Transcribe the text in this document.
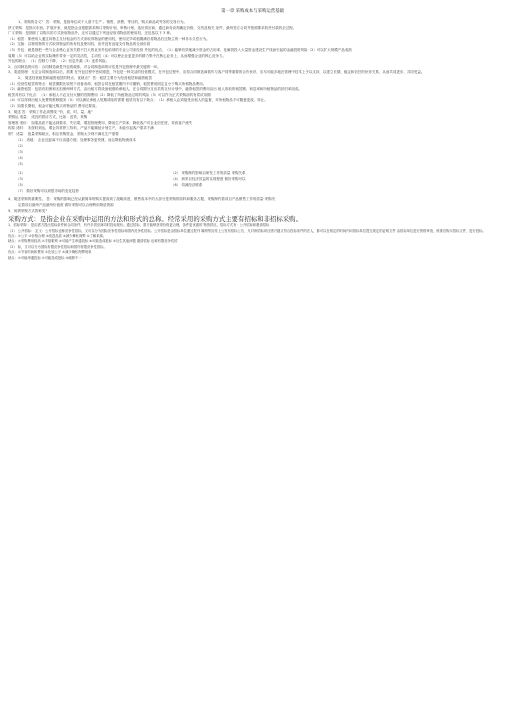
第一章 采购成本与采购运营基础
1、采购的含义？ 答：采购，是指单位或个人基于生产 、销售、消费、等目的，购买商品或劳务的交易行为。
狭义采购：是指买东西。扩展开来，就是指企业根据需求制订采购计划，审核计划，选好供应商，通过商务谈判确定价格，交货及相关 条件，最终签订合同并按照要求收货付款的全过程。
广义采购：是指除了以购买的方式获取物品外，还可以通过下列途径取得物品的使用权，还包括以下 3 种。
（1）租赁：即使用人通过向物主支付租金的方式来取得物品的使用权，使用完毕或租期满后将物品归还物主的一种非永久性行为。
（2）交换：以物易物的方式取得物品的所有权及使用权，但并没有直接支付物品的全部价款
（3）外包：就是指把一些与企业核心业务关联不打大的业务外包给别的专业公司来经营 外包的优点，（1）能够有效地减少资金的占用率，化解因投入大量资金建设生产线而引起的金融投资风险（2）可以扩大规模产品成熟
周期（3）可以给企业的实际操作带来一定的灵活性，主动性（4）可以使企业更更多的精力集中在核心业务上，从而增强企业的核心竞争力。
外包的缺点：（1）控制力下降，（2）信息外漏（3）连带风险。
2、合同制造的评估：合同制造商是外包的载体，对合同制造商的评估是外包管理中最关键的一环。
3、渠道管理：无定合同制造商以后，需要 在外包过程中密切跟进，外包是一种灵活的经营模式，在外包过程中，应将合同制造商看作与客户同等重要的合作伙伴，应尽可能多地在管理中技术上予以支持，以建立长期、稳定和信任的伙伴关系，从而共同进步、共同受益。
2、 简述经营租赁和融资租赁的特点、优缺点？ 答：租赁主要分为经营租赁和融资租赁
（1）经营性租赁的特点：租赁期限比较短于设备寿命，租赁合同在租赁期内不可撤销，租赁费用固定且小于购买所相物品费用。
（2）融资租赁：包括有担保和无担保两种方式，由出租方将设备租借给承租人，在合同期分支出类的支付计划中，融资租赁的费用由出 租人收取的租赁额，和息率和所租物品的折旧率组成。
租赁具有以下优点：（1）承租人不必支付大额的首期费用（2）降低了所租物品过时的风险（3）可以作为正式采购前的有偿试用期
（4）可以得到出租人免费的维修服务（5）可以满足承租人短期或临时需要 租赁具有以下缺点：（1）承租人必须接受出租人的监督，对所租物品不可随意更改、转让。
（2）如果长期租，租金可能比购买该物品的 费用还要高。
3、简述 答：采购工作必须围绕 "价，质，时，量，地"
采购运 适量： 适宜的供应方式，比如：送货、采购
管理准 适价： 如果品质不能达到要求，失后果，增加管理费用，降低生产效率，降低客户对企业信任度，导致客户流失
的原 适时： 未按时到达，增企异常停工待料，产品不能顺延计划生产，未能引起客户需求不满
则？ 适量： 批量采购缺点，积压采购资金，采购太少则不满足生产需要
（1） 适地： 企业近距离不仅沟通方便，处理事务更快捷，而且降低物流成本
（2）
（3）
（4）
（5）
（1）	（2） 采购制约影响目研发工作的质量 采购关系
（3）	（4） 到采目经济效益的实现程度 做好采购可以
（5）	（6） 均减经济联系
（7） 做好采购可以到很市场的变化趋势
4、简述采购的重要性。 答：采购的影响已经从最简单的购买提高到了战略高度，销售成本中的大部分是采购的原料和服务占据，采购制约着项目产品销售工作的质量·采购决
定着项目最终产品最终价值度 做好采购可以合理利用物质资源
5、何谓采购方式的种类？
采购方式：是指企业在采购中运用的方法和形式的总称。经常采用的采购方式主要有招标和非招标采购。
1、招标采购 ：是由需方提出招标条件和合同条件，有许多供应商同时投标报价。通过招标，需方能够获得价格更合理，条件更优惠的 物资供应。招标方式有：公开招标和邀请招标
（1） 公开招标： 定义：公开招标也称竞争性招标，又可以分为国际竞争性招标和国内竞争性招标。公开招标是由招标单位通过报刊 媒网等宣传上公发布招标公告，凡对该招标项目感兴趣又符合投标条件的法人，都可以在规定的时间内向招标单位提交规定的证明文件 由招标单位进行资格审查，核准后购买招标文件，进行投标。
优点：①公平 ②价格合理 ③改进品质 ④减少舞私徇弊 ⑤了解来源。
缺点：①采购费用较高 ②手续繁琐 ③可能产生串通投标 ④可能造成抢标 ⑤衍生其他问题 邀请招标 也称有限竞争性招
（2） 标，又可以分为国际有限竞争性招标和国内有限竞争性招标。
优点：①节省时间和费用 ②比较公平 ③减少舞私徇弊现象
缺点：①可能串通投标 ②可能造成抢标 ③倾移不一
